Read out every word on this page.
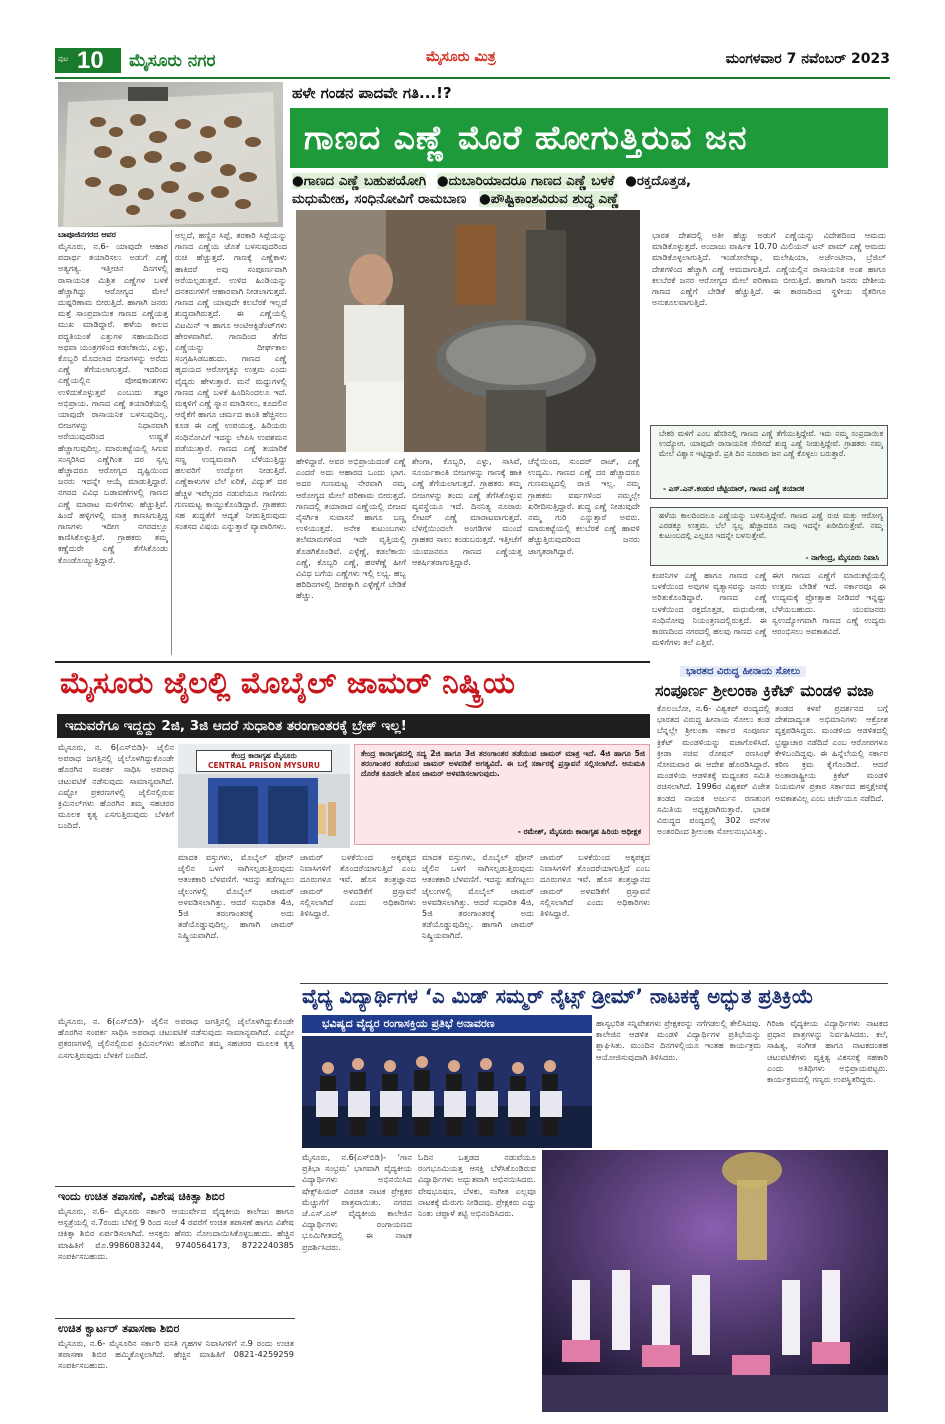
ಪುಟ 10 ಮೈಸೂರು ನಗರ	ಮೈಸೂರು ಮಿತ್ರ	ಮಂಗಳವಾರ 7 ನವೆಂಬರ್ 2023
ಹಳೇ ಗಂಡನ ಪಾದವೇ ಗತಿ...!?
ಗಾಣದ ಎಣ್ಣೆ ಮೊರೆ ಹೋಗುತ್ತಿರುವ ಜನ
●ಗಾಣದ ಎಣ್ಣೆ ಬಹುಪಯೋಗಿ ●ದುಬಾರಿಯಾದರೂ ಗಾಣದ ಎಣ್ಣೆ ಬಳಕೆ ●ರಕ್ತದೊತ್ತಡ,
ಮಧುಮೇಹ, ಸಂಧಿನೋವಿಗೆ ರಾಮಬಾಣ ●ಪೌಷ್ಟಿಕಾಂಶವಿರುವ ಶುದ್ಧ ಎಣ್ಣೆ
ಬಾಪೂಜಿನಗರದ ಆವರ
ಮೈಸೂರು, ನ.6- ಯಾವುದೇ ಆಹಾರ ಪದಾರ್ಥ ತಯಾರಿಸಲು ಅಡುಗೆ ಎಣ್ಣೆ ಅತ್ಯಗತ್ಯ. ಇತ್ತೀಚಿನ ದಿನಗಳಲ್ಲಿ ರಾಸಾಯನಿಕ ಮಿಶ್ರಿತ ಎಣ್ಣೆಗಳ ಬಳಕೆ ಹೆಚ್ಚಾಗಿದ್ದು ಆರೋಗ್ಯದ ಮೇಲೆ ದುಷ್ಪರಿಣಾಮ ಬೀರುತ್ತಿದೆ. ಹಾಗಾಗಿ ಜನರು ಮತ್ತೆ ಸಾಂಪ್ರದಾಯಿಕ ಗಾಣದ ಎಣ್ಣೆಯತ್ತ ಮುಖ ಮಾಡಿದ್ದಾರೆ. ಹಳೆಯ ಕಾಲದ ಪದ್ಧತಿಯಂತೆ ಎತ್ತುಗಳ ಸಹಾಯದಿಂದ ಅಥವಾ ಯಂತ್ರಗಳಿಂದ ಕಡಲೆಕಾಯಿ, ಎಳ್ಳು, ಕೊಬ್ಬರಿ ಮೊದಲಾದ ಬೀಜಗಳನ್ನು ಅರೆದು ಎಣ್ಣೆ ತೆಗೆಯಲಾಗುತ್ತದೆ. ಇದರಿಂದ ಎಣ್ಣೆಯಲ್ಲಿನ ಪೋಷಕಾಂಶಗಳು ಉಳಿದುಕೊಳ್ಳುತ್ತವೆ ಎಂಬುದು ತಜ್ಞರ ಅಭಿಪ್ರಾಯ. ಗಾಣದ ಎಣ್ಣೆ ತಯಾರಿಕೆಯಲ್ಲಿ ಯಾವುದೇ ರಾಸಾಯನಿಕ ಬಳಸುವುದಿಲ್ಲ. ಬೀಜಗಳನ್ನು ನಿಧಾನವಾಗಿ ಅರೆಯುವುದರಿಂದ ಉಷ್ಣತೆ ಹೆಚ್ಚಾಗುವುದಿಲ್ಲ. ಮಾರುಕಟ್ಟೆಯಲ್ಲಿ ಸಿಗುವ ಸಂಸ್ಕರಿಸಿದ ಎಣ್ಣೆಗಿಂತ ದರ ಸ್ವಲ್ಪ ಹೆಚ್ಚಾದರೂ ಆರೋಗ್ಯದ ದೃಷ್ಟಿಯಿಂದ ಜನರು ಇದನ್ನೇ ಆಯ್ಕೆ ಮಾಡುತ್ತಿದ್ದಾರೆ. ನಗರದ ವಿವಿಧ ಬಡಾವಣೆಗಳಲ್ಲಿ ಗಾಣದ ಎಣ್ಣೆ ಮಾರಾಟ ಮಳಿಗೆಗಳು ಹೆಚ್ಚುತ್ತಿವೆ. ಹಿಂದೆ ಹಳ್ಳಿಗಳಲ್ಲಿ ಮಾತ್ರ ಕಾಣಸಿಗುತ್ತಿದ್ದ ಗಾಣಗಳು ಇದೀಗ ನಗರದಲ್ಲೂ ಕಾಣಿಸಿಕೊಳ್ಳುತ್ತಿವೆ. ಗ್ರಾಹಕರು ತಮ್ಮ ಕಣ್ಣೆದುರೇ ಎಣ್ಣೆ ತೆಗೆಸಿಕೊಂಡು ಕೊಂಡೊಯ್ಯುತ್ತಿದ್ದಾರೆ.
ಅಲ್ಲದೆ, ಹಣ್ಣಿನ ಸಿಪ್ಪೆ, ತರಕಾರಿ ಸಿಪ್ಪೆಯನ್ನು ಗಾಣದ ಎಣ್ಣೆಯ ಜೊತೆ ಬಳಸುವುದರಿಂದ ರುಚಿ ಹೆಚ್ಚುತ್ತದೆ. ಗಾಣಕ್ಕೆ ಎಣ್ಣೆಕಾಳು ಹಾಕಿದರೆ ಅವು ಸಂಪೂರ್ಣವಾಗಿ ಅರೆಯಲ್ಪಡುತ್ತವೆ. ಉಳಿದ ಹಿಂಡಿಯನ್ನು ದನಕರುಗಳಿಗೆ ಆಹಾರವಾಗಿ ನೀಡಲಾಗುತ್ತದೆ. ಗಾಣದ ಎಣ್ಣೆ ಯಾವುದೇ ಕಲಬೆರಕೆ ಇಲ್ಲದೆ ಶುದ್ಧವಾಗಿರುತ್ತದೆ. ಈ ಎಣ್ಣೆಯಲ್ಲಿ ವಿಟಮಿನ್ ಇ ಹಾಗೂ ಆಂಟಿಆಕ್ಸಿಡೆಂಟ್‌ಗಳು ಹೇರಳವಾಗಿವೆ. ಗಾಣದಿಂದ ತೆಗೆದ ಎಣ್ಣೆಯನ್ನು ದೀರ್ಘಕಾಲ ಸಂಗ್ರಹಿಸಿಡಬಹುದು. ಗಾಣದ ಎಣ್ಣೆ ಹೃದಯದ ಆರೋಗ್ಯಕ್ಕೂ ಉತ್ತಮ ಎಂದು ವೈದ್ಯರು ಹೇಳುತ್ತಾರೆ. ಮನೆ ಮದ್ದುಗಳಲ್ಲಿ ಗಾಣದ ಎಣ್ಣೆ ಬಳಕೆ ಹಿಂದಿನಿಂದಲೂ ಇದೆ. ಮಕ್ಕಳಿಗೆ ಎಣ್ಣೆ ಸ್ನಾನ ಮಾಡಿಸಲು, ಕೂದಲಿನ ಆರೈಕೆಗೆ ಹಾಗೂ ಚರ್ಮದ ಕಾಂತಿ ಹೆಚ್ಚಿಸಲು ಕೂಡ ಈ ಎಣ್ಣೆ ಉಪಯುಕ್ತ. ಹಿರಿಯರು ಸಂಧಿನೋವಿಗೆ ಇದನ್ನು ಲೇಪಿಸಿ ಉಪಶಮನ ಪಡೆಯುತ್ತಾರೆ. ಗಾಣದ ಎಣ್ಣೆ ತಯಾರಿಕೆ ಸಣ್ಣ ಉದ್ಯಮವಾಗಿ ಬೆಳೆಯುತ್ತಿದ್ದು ಹಲವರಿಗೆ ಉದ್ಯೋಗ ನೀಡುತ್ತಿದೆ. ಎಣ್ಣೆಕಾಳುಗಳ ಬೆಲೆ ಏರಿಕೆ, ವಿದ್ಯುತ್ ದರ ಹೆಚ್ಚಳ ಇವೆಲ್ಲದರ ನಡುವೆಯೂ ಗಾಣಿಗರು ಗುಣಮಟ್ಟ ಕಾಯ್ದುಕೊಂಡಿದ್ದಾರೆ. ಗ್ರಾಹಕರು ಸಹ ಶುದ್ಧತೆಗೆ ಆದ್ಯತೆ ನೀಡುತ್ತಿರುವುದು ಸಂತಸದ ವಿಷಯ ಎನ್ನುತ್ತಾರೆ ವ್ಯಾಪಾರಿಗಳು.
ಹೇಳಿದ್ದಾರೆ. ಅವರ ಅಭಿಪ್ರಾಯದಂತೆ ಎಣ್ಣೆ ಎಂದರೆ ಅದು ಆಹಾರದ ಒಂದು ಭಾಗ. ಅದರ ಗುಣಮಟ್ಟ ನೇರವಾಗಿ ನಮ್ಮ ಆರೋಗ್ಯದ ಮೇಲೆ ಪರಿಣಾಮ ಬೀರುತ್ತದೆ. ಗಾಣದಲ್ಲಿ ತಯಾರಾದ ಎಣ್ಣೆಯಲ್ಲಿ ಬೀಜದ ನೈಸರ್ಗಿಕ ಸುವಾಸನೆ ಹಾಗೂ ಬಣ್ಣ ಉಳಿಯುತ್ತದೆ. ಅನೇಕ ಕುಟುಂಬಗಳು ತಲೆಮಾರುಗಳಿಂದ ಇದೇ ವೃತ್ತಿಯಲ್ಲಿ ತೊಡಗಿಕೊಂಡಿವೆ. ಎಳ್ಳೆಣ್ಣೆ, ಕಡಲೆಕಾಯಿ ಎಣ್ಣೆ, ಕೊಬ್ಬರಿ ಎಣ್ಣೆ, ಹರಳೆಣ್ಣೆ ಹೀಗೆ ವಿವಿಧ ಬಗೆಯ ಎಣ್ಣೆಗಳು ಇಲ್ಲಿ ಲಭ್ಯ. ಹಬ್ಬ ಹರಿದಿನಗಳಲ್ಲಿ ದೀಪಕ್ಕಾಗಿ ಎಳ್ಳೆಣ್ಣೆಗೆ ಬೇಡಿಕೆ ಹೆಚ್ಚು.
ಶೇಂಗಾ, ಕೊಬ್ಬರಿ, ಎಳ್ಳು, ಸಾಸಿವೆ, ಸೂರ್ಯಕಾಂತಿ ಬೀಜಗಳನ್ನು ಗಾಣಕ್ಕೆ ಹಾಕಿ ಎಣ್ಣೆ ತೆಗೆಯಲಾಗುತ್ತದೆ. ಗ್ರಾಹಕರು ತಮ್ಮ ಬೀಜಗಳನ್ನು ತಂದು ಎಣ್ಣೆ ತೆಗೆಸಿಕೊಳ್ಳುವ ವ್ಯವಸ್ಥೆಯೂ ಇದೆ. ದಿನನಿತ್ಯ ನೂರಾರು ಲೀಟರ್ ಎಣ್ಣೆ ಮಾರಾಟವಾಗುತ್ತದೆ. ಬೆಳಗ್ಗೆಯಿಂದಲೇ ಅಂಗಡಿಗಳ ಮುಂದೆ ಗ್ರಾಹಕರ ಸಾಲು ಕಂಡುಬರುತ್ತದೆ. ಇತ್ತೀಚೆಗೆ ಯುವಜನರೂ ಗಾಣದ ಎಣ್ಣೆಯತ್ತ ಆಕರ್ಷಿತರಾಗುತ್ತಿದ್ದಾರೆ.
ಚೆನ್ನೆಯಿಂದ, ಸುಂದರ್ ರಾಜ್, ಎಣ್ಣೆ ಉದ್ಯಮಿ. ಗಾಣದ ಎಣ್ಣೆ ದರ ಹೆಚ್ಚಾದರೂ ಗುಣಮಟ್ಟದಲ್ಲಿ ರಾಜಿ ಇಲ್ಲ. ನಮ್ಮ ಗ್ರಾಹಕರು ವರ್ಷಗಳಿಂದ ನಮ್ಮಲ್ಲೇ ಖರೀದಿಸುತ್ತಿದ್ದಾರೆ. ಶುದ್ಧ ಎಣ್ಣೆ ನೀಡುವುದೇ ನಮ್ಮ ಗುರಿ ಎನ್ನುತ್ತಾರೆ ಅವರು. ಮಾರುಕಟ್ಟೆಯಲ್ಲಿ ಕಲಬೆರಕೆ ಎಣ್ಣೆ ಹಾವಳಿ ಹೆಚ್ಚುತ್ತಿರುವುದರಿಂದ ಜನರು ಜಾಗೃತರಾಗಿದ್ದಾರೆ.
ಭಾರತ ದೇಶದಲ್ಲಿ ಅತೀ ಹೆಚ್ಚು ಅಡುಗೆ ಎಣ್ಣೆಯನ್ನು ವಿದೇಶದಿಂದ ಆಮದು ಮಾಡಿಕೊಳ್ಳುತ್ತದೆ. ಅಂದಾಜು ವಾರ್ಷಿಕ 10.70 ಮಿಲಿಯನ್ ಟನ್ ಪಾಮ್ ಎಣ್ಣೆ ಆಮದು ಮಾಡಿಕೊಳ್ಳಲಾಗುತ್ತಿದೆ. ಇಂಡೋನೇಷ್ಯಾ, ಮಲೇಷಿಯಾ, ಅರ್ಜೆಂಟೀನಾ, ಬ್ರೆಜಿಲ್ ದೇಶಗಳಿಂದ ಹೆಚ್ಚಾಗಿ ಎಣ್ಣೆ ಆಮದಾಗುತ್ತಿದೆ. ಎಣ್ಣೆಯಲ್ಲಿನ ರಾಸಾಯನಿಕ ಅಂಶ ಹಾಗೂ ಕಲಬೆರಕೆ ಜನರ ಆರೋಗ್ಯದ ಮೇಲೆ ಪರಿಣಾಮ ಬೀರುತ್ತಿದೆ. ಹಾಗಾಗಿ ಜನರು ದೇಶೀಯ ಗಾಣದ ಎಣ್ಣೆಗೆ ಬೇಡಿಕೆ ಹೆಚ್ಚುತ್ತಿದೆ. ಈ ಕಾರಣದಿಂದ ಸ್ಥಳೀಯ ರೈತರಿಗೂ ಅನುಕೂಲವಾಗುತ್ತಿದೆ.
ಬೇಕರಿ ಮಳಿಗೆ ಎಂಬ ಹೆಸರಿನಲ್ಲಿ ಗಾಣದ ಎಣ್ಣೆ ತೆಗೆಯುತ್ತಿದ್ದೇವೆ. ಇದು ನಮ್ಮ ಸಂಪ್ರದಾಯಿಕ ಉದ್ಯೋಗ. ಯಾವುದೇ ರಾಸಾಯನಿಕ ಸೇರಿಸದೆ ಶುದ್ಧ ಎಣ್ಣೆ ನೀಡುತ್ತಿದ್ದೇವೆ. ಗ್ರಾಹಕರು ನಮ್ಮ ಮೇಲೆ ವಿಶ್ವಾಸ ಇಟ್ಟಿದ್ದಾರೆ. ಪ್ರತಿ ದಿನ ನೂರಾರು ಜನ ಎಣ್ಣೆ ಕೊಳ್ಳಲು ಬರುತ್ತಾರೆ.
- ಎಸ್.ಎನ್.ಕಂಡುರ ಚೆಟ್ಟಿಯಾರ್, ಗಾಣದ ಎಣ್ಣೆ ತಯಾರಕ
ಹಳೆಯ ಕಾಲದಿಂದಲೂ ಎಣ್ಣೆಯನ್ನು ಬಳಸುತ್ತಿದ್ದೇವೆ. ಗಾಣದ ಎಣ್ಣೆ ರುಚಿ ಮತ್ತು ಆರೋಗ್ಯ ಎರಡಕ್ಕೂ ಉತ್ತಮ. ಬೆಲೆ ಸ್ವಲ್ಪ ಹೆಚ್ಚಾದರೂ ನಾವು ಇದನ್ನೇ ಖರೀದಿಸುತ್ತೇವೆ. ನಮ್ಮ ಕುಟುಂಬದಲ್ಲಿ ಎಲ್ಲರೂ ಇದನ್ನೇ ಬಳಸುತ್ತೇವೆ.
- ನಾಗೇಂದ್ರ, ಮೈಸೂರು ನಿವಾಸಿ
ಕಂಪನಿಗಳ ಎಣ್ಣೆ ಹಾಗೂ ಗಾಣದ ಎಣ್ಣೆ ಬಳಕೆಯಿಂದ ಅವುಗಳ ವ್ಯತ್ಯಾಸವನ್ನು ಜನರು ಅರಿತುಕೊಂಡಿದ್ದಾರೆ. ಗಾಣದ ಎಣ್ಣೆ ಬಳಕೆಯಿಂದ ರಕ್ತದೊತ್ತಡ, ಮಧುಮೇಹ, ಸಂಧಿನೋವು ನಿಯಂತ್ರಣದಲ್ಲಿರುತ್ತದೆ. ಈ ಕಾರಣದಿಂದ ನಗರದಲ್ಲಿ ಹಲವು ಗಾಣದ ಎಣ್ಣೆ ಮಳಿಗೆಗಳು ತಲೆ ಎತ್ತಿವೆ.
ಈಗ ಗಾಣದ ಎಣ್ಣೆಗೆ ಮಾರುಕಟ್ಟೆಯಲ್ಲಿ ಉತ್ತಮ ಬೇಡಿಕೆ ಇದೆ. ಸರ್ಕಾರವೂ ಈ ಉದ್ಯಮಕ್ಕೆ ಪ್ರೋತ್ಸಾಹ ನೀಡಿದರೆ ಇನ್ನಷ್ಟು ಬೆಳೆಯಬಹುದು. ಯುವಜನರು ಸ್ವಉದ್ಯೋಗವಾಗಿ ಗಾಣದ ಎಣ್ಣೆ ಉದ್ಯಮ ಆರಂಭಿಸಲು ಅವಕಾಶವಿದೆ.
ಮೈಸೂರು ಜೈಲಲ್ಲಿ ಮೊಬೈಲ್ ಜಾಮರ್ ನಿಷ್ಕ್ರಿಯ
ಇದುವರೆಗೂ ಇದ್ದದ್ದು 2ಜಿ, 3ಜಿ ಆದರೆ ಸುಧಾರಿತ ತರಂಗಾಂತರಕ್ಕೆ ಬ್ರೇಕ್ ಇಲ್ಲ!
ಮೈಸೂರು, ನ. 6(ಎಸ್‌ಬಿಡಿ)- ಜೈಲಿನ ಅಪರಾಧ ಜಗತ್ತಿನಲ್ಲಿ ಜೈಲೊಳಗಿದ್ದುಕೊಂಡೇ ಹೊರಗಿನ ಸಂಪರ್ಕ ಸಾಧಿಸಿ ಅಪರಾಧ ಚಟುವಟಿಕೆ ನಡೆಸುವುದು ಸಾಮಾನ್ಯವಾಗಿದೆ. ಎಷ್ಟೋ ಪ್ರಕರಣಗಳಲ್ಲಿ ಜೈಲಿನಲ್ಲಿರುವ ಕ್ರಿಮಿನಲ್‌ಗಳು ಹೊರಗಿನ ತಮ್ಮ ಸಹಚರರ ಮೂಲಕ ಕೃತ್ಯ ಎಸಗುತ್ತಿರುವುದು ಬೆಳಕಿಗೆ ಬಂದಿದೆ.
ಕೇಂದ್ರ ಕಾರಾಗೃಹ ಮೈಸೂರು
CENTRAL PRISON MYSURU
ಕೇಂದ್ರ ಕಾರಾಗೃಹದಲ್ಲಿ ಸದ್ಯ 2ಜಿ ಹಾಗೂ 3ಜಿ ತರಂಗಾಂತರ ತಡೆಯುವ ಜಾಮರ್ ಮಾತ್ರ ಇದೆ. 4ಜಿ ಹಾಗೂ 5ಜಿ ತರಂಗಾಂತರ ತಡೆಯುವ ಜಾಮರ್ ಅಳವಡಿಕೆ ಅಗತ್ಯವಿದೆ. ಈ ಬಗ್ಗೆ ಸರ್ಕಾರಕ್ಕೆ ಪ್ರಸ್ತಾವನೆ ಸಲ್ಲಿಸಲಾಗಿದೆ. ಅನುಮತಿ ದೊರೆತ ಕೂಡಲೇ ಹೊಸ ಜಾಮರ್ ಅಳವಡಿಸಲಾಗುವುದು.
- ರಮೇಶ್, ಮೈಸೂರು ಕಾರಾಗೃಹ ಹಿರಿಯ ಅಧೀಕ್ಷಕ
ಮಾದಕ ವಸ್ತುಗಳು, ಮೊಬೈಲ್ ಫೋನ್ ಜೈಲಿನ ಒಳಗೆ ಸಾಗಿಸಲ್ಪಡುತ್ತಿರುವುದು ಆತಂಕಕಾರಿ ಬೆಳವಣಿಗೆ. ಇದನ್ನು ತಡೆಗಟ್ಟಲು ಜೈಲುಗಳಲ್ಲಿ ಮೊಬೈಲ್ ಜಾಮರ್ ಅಳವಡಿಸಲಾಗಿತ್ತು. ಆದರೆ ಸುಧಾರಿತ 4ಜಿ, 5ಜಿ ತರಂಗಾಂತರಕ್ಕೆ ಅದು ತಡೆಯೊಡ್ಡುವುದಿಲ್ಲ. ಹಾಗಾಗಿ ಜಾಮರ್ ನಿಷ್ಕ್ರಿಯವಾಗಿದೆ.
ಜಾಮರ್ ಬಳಕೆಯಿಂದ ಅಕ್ಕಪಕ್ಕದ ನಿವಾಸಿಗಳಿಗೆ ತೊಂದರೆಯಾಗುತ್ತಿದೆ ಎಂಬ ದೂರುಗಳೂ ಇವೆ. ಹೊಸ ತಂತ್ರಜ್ಞಾನದ ಜಾಮರ್ ಅಳವಡಿಕೆಗೆ ಪ್ರಸ್ತಾವನೆ ಸಲ್ಲಿಸಲಾಗಿದೆ ಎಂದು ಅಧಿಕಾರಿಗಳು ತಿಳಿಸಿದ್ದಾರೆ.
ಮಾದಕ ವಸ್ತುಗಳು, ಮೊಬೈಲ್ ಫೋನ್ ಜೈಲಿನ ಒಳಗೆ ಸಾಗಿಸಲ್ಪಡುತ್ತಿರುವುದು ಆತಂಕಕಾರಿ ಬೆಳವಣಿಗೆ. ಇದನ್ನು ತಡೆಗಟ್ಟಲು ಜೈಲುಗಳಲ್ಲಿ ಮೊಬೈಲ್ ಜಾಮರ್ ಅಳವಡಿಸಲಾಗಿತ್ತು. ಆದರೆ ಸುಧಾರಿತ 4ಜಿ, 5ಜಿ ತರಂಗಾಂತರಕ್ಕೆ ಅದು ತಡೆಯೊಡ್ಡುವುದಿಲ್ಲ. ಹಾಗಾಗಿ ಜಾಮರ್ ನಿಷ್ಕ್ರಿಯವಾಗಿದೆ.
ಜಾಮರ್ ಬಳಕೆಯಿಂದ ಅಕ್ಕಪಕ್ಕದ ನಿವಾಸಿಗಳಿಗೆ ತೊಂದರೆಯಾಗುತ್ತಿದೆ ಎಂಬ ದೂರುಗಳೂ ಇವೆ. ಹೊಸ ತಂತ್ರಜ್ಞಾನದ ಜಾಮರ್ ಅಳವಡಿಕೆಗೆ ಪ್ರಸ್ತಾವನೆ ಸಲ್ಲಿಸಲಾಗಿದೆ ಎಂದು ಅಧಿಕಾರಿಗಳು ತಿಳಿಸಿದ್ದಾರೆ.
ಭಾರತದ ವಿರುದ್ಧ ಹೀನಾಯ ಸೋಲು
ಸಂಪೂರ್ಣ ಶ್ರೀಲಂಕಾ ಕ್ರಿಕೆಟ್ ಮಂಡಳಿ ವಜಾ
ಕೊಲಂಬೋ, ನ.6- ವಿಶ್ವಕಪ್ ಪಂದ್ಯದಲ್ಲಿ ಭಾರತದ ವಿರುದ್ಧ ಹೀನಾಯ ಸೋಲು ಕಂಡ ಬೆನ್ನಲ್ಲೇ ಶ್ರೀಲಂಕಾ ಸರ್ಕಾರ ಸಂಪೂರ್ಣ ಕ್ರಿಕೆಟ್ ಮಂಡಳಿಯನ್ನು ವಜಾಗೊಳಿಸಿದೆ. ಕ್ರೀಡಾ ಸಚಿವ ರೋಷನ್ ರಣಸಿಂಘೆ ಸೋಮವಾರ ಈ ಆದೇಶ ಹೊರಡಿಸಿದ್ದಾರೆ. ಮಂಡಳಿಯ ಆಡಳಿತಕ್ಕೆ ಮಧ್ಯಂತರ ಸಮಿತಿ ರಚಿಸಲಾಗಿದೆ. 1996ರ ವಿಶ್ವಕಪ್ ವಿಜೇತ ತಂಡದ ನಾಯಕ ಅರ್ಜುನ ರಣತುಂಗ ಸಮಿತಿಯ ಅಧ್ಯಕ್ಷರಾಗಿರುತ್ತಾರೆ. ಭಾರತ ವಿರುದ್ಧದ ಪಂದ್ಯದಲ್ಲಿ 302 ರನ್‌ಗಳ ಅಂತರದಿಂದ ಶ್ರೀಲಂಕಾ ಸೋಲನುಭವಿಸಿತ್ತು.
ತಂಡದ ಕಳಪೆ ಪ್ರದರ್ಶನದ ಬಗ್ಗೆ ದೇಶದಾದ್ಯಂತ ಅಭಿಮಾನಿಗಳು ಆಕ್ರೋಶ ವ್ಯಕ್ತಪಡಿಸಿದ್ದರು. ಮಂಡಳಿಯ ಆಡಳಿತದಲ್ಲಿ ಭ್ರಷ್ಟಾಚಾರ ನಡೆದಿದೆ ಎಂಬ ಆರೋಪಗಳೂ ಕೇಳಿಬಂದಿದ್ದವು. ಈ ಹಿನ್ನೆಲೆಯಲ್ಲಿ ಸರ್ಕಾರ ಕಠಿಣ ಕ್ರಮ ಕೈಗೊಂಡಿದೆ. ಆದರೆ ಅಂತಾರಾಷ್ಟ್ರೀಯ ಕ್ರಿಕೆಟ್ ಮಂಡಳಿ ನಿಯಮಗಳ ಪ್ರಕಾರ ಸರ್ಕಾರದ ಹಸ್ತಕ್ಷೇಪಕ್ಕೆ ಅವಕಾಶವಿಲ್ಲ ಎಂಬ ಚರ್ಚೆಯೂ ನಡೆದಿದೆ.
ವೈದ್ಯ ವಿದ್ಯಾರ್ಥಿಗಳ ‘ಎ ಮಿಡ್ ಸಮ್ಮರ್ ನೈಟ್ಸ್ ಡ್ರೀಮ್’ ನಾಟಕಕ್ಕೆ ಅದ್ಭುತ ಪ್ರತಿಕ್ರಿಯೆ
ಭವಿಷ್ಯದ ವೈದ್ಯರ ರಂಗಾಸಕ್ತಿಯ ಪ್ರತಿಭೆ ಅನಾವರಣ
ಮೈಸೂರು, ನ.6(ಎಸ್‌ಬಿಡಿ)- ‘ಗಾನ ಪ್ರತಿಭಾ ಸಂಭ್ರಮ’ ಭಾಗವಾಗಿ ವೈದ್ಯಕೀಯ ವಿದ್ಯಾರ್ಥಿಗಳು ಅಭಿನಯಿಸಿದ ಷೇಕ್ಸ್‌ಪಿಯರ್ ವಿರಚಿತ ನಾಟಕ ಪ್ರೇಕ್ಷಕರ ಮೆಚ್ಚುಗೆಗೆ ಪಾತ್ರವಾಯಿತು. ನಗರದ ಜೆ.ಎಸ್.ಎಸ್ ವೈದ್ಯಕೀಯ ಕಾಲೇಜಿನ ವಿದ್ಯಾರ್ಥಿಗಳು ರಂಗಾಯಣದ ಭೂಮಿಗೀತದಲ್ಲಿ ಈ ನಾಟಕ ಪ್ರದರ್ಶಿಸಿದರು.
ಓದಿನ ಒತ್ತಡದ ನಡುವೆಯೂ ರಂಗಭೂಮಿಯತ್ತ ಆಸಕ್ತಿ ಬೆಳೆಸಿಕೊಂಡಿರುವ ವಿದ್ಯಾರ್ಥಿಗಳು ಅದ್ಭುತವಾಗಿ ಅಭಿನಯಿಸಿದರು. ವೇಷಭೂಷಣ, ಬೆಳಕು, ಸಂಗೀತ ಎಲ್ಲವೂ ನಾಟಕಕ್ಕೆ ಮೆರುಗು ನೀಡಿದವು. ಪ್ರೇಕ್ಷಕರು ಎದ್ದು ನಿಂತು ಚಪ್ಪಾಳೆ ತಟ್ಟಿ ಅಭಿನಂದಿಸಿದರು.
ಹಾಸ್ಯಭರಿತ ಸನ್ನಿವೇಶಗಳು ಪ್ರೇಕ್ಷಕರನ್ನು ನಗೆಗಡಲಲ್ಲಿ ತೇಲಿಸಿದವು. ಕಾಲೇಜಿನ ಆಡಳಿತ ಮಂಡಳಿ ವಿದ್ಯಾರ್ಥಿಗಳ ಪ್ರತಿಭೆಯನ್ನು ಶ್ಲಾಘಿಸಿತು. ಮುಂದಿನ ದಿನಗಳಲ್ಲಿಯೂ ಇಂತಹ ಕಾರ್ಯಕ್ರಮ ಆಯೋಜಿಸುವುದಾಗಿ ತಿಳಿಸಿದರು.
ಗಿರಿಜಾ ವೈದ್ಯಕೀಯ ವಿದ್ಯಾರ್ಥಿಗಳು ನಾಟಕದ ಪ್ರಧಾನ ಪಾತ್ರಗಳನ್ನು ನಿರ್ವಹಿಸಿದರು. ಕಲೆ, ಸಾಹಿತ್ಯ, ಸಂಗೀತ ಹಾಗೂ ನಾಟಕದಂತಹ ಚಟುವಟಿಕೆಗಳು ವ್ಯಕ್ತಿತ್ವ ವಿಕಸನಕ್ಕೆ ಸಹಕಾರಿ ಎಂದು ಅತಿಥಿಗಳು ಅಭಿಪ್ರಾಯಪಟ್ಟರು. ಕಾರ್ಯಕ್ರಮದಲ್ಲಿ ಗಣ್ಯರು ಉಪಸ್ಥಿತರಿದ್ದರು.
ಇಂದು ಉಚಿತ ತಪಾಸಣೆ, ವಿಶೇಷ ಚಿಕಿತ್ಸಾ ಶಿಬಿರ
ಮೈಸೂರು, ನ.6- ಮೈಸೂರು ಸರ್ಕಾರಿ ಆಯುರ್ವೇದ ವೈದ್ಯಕೀಯ ಕಾಲೇಜು ಹಾಗೂ ಆಸ್ಪತ್ರೆಯಲ್ಲಿ ನ.7ರಂದು ಬೆಳಿಗ್ಗೆ 9 ರಿಂದ ಸಂಜೆ 4 ರವರೆಗೆ ಉಚಿತ ತಪಾಸಣೆ ಹಾಗೂ ವಿಶೇಷ ಚಿಕಿತ್ಸಾ ಶಿಬಿರ ಏರ್ಪಡಿಸಲಾಗಿದೆ. ಆಸಕ್ತರು ಹೆಸರು ನೋಂದಾಯಿಸಿಕೊಳ್ಳಬಹುದು. ಹೆಚ್ಚಿನ ಮಾಹಿತಿಗೆ ಮೊ.9986083244, 9740564173, 8722240385 ಸಂಪರ್ಕಿಸಬಹುದು.
ಉಚಿತ ಕ್ವಾರ್ಟರ್ ತಪಾಸಣಾ ಶಿಬಿರ
ಮೈಸೂರು, ನ.6- ಮೈಸೂರಿನ ಸರ್ಕಾರಿ ವಸತಿ ಗೃಹಗಳ ನಿವಾಸಿಗಳಿಗೆ ನ.9 ರಂದು ಉಚಿತ ತಪಾಸಣಾ ಶಿಬಿರ ಹಮ್ಮಿಕೊಳ್ಳಲಾಗಿದೆ. ಹೆಚ್ಚಿನ ಮಾಹಿತಿಗೆ 0821-4259259 ಸಂಪರ್ಕಿಸಬಹುದು.
ಮೈಸೂರು, ನ. 6(ಎಸ್‌ಬಿಡಿ)- ಜೈಲಿನ ಅಪರಾಧ ಜಗತ್ತಿನಲ್ಲಿ ಜೈಲೊಳಗಿದ್ದುಕೊಂಡೇ ಹೊರಗಿನ ಸಂಪರ್ಕ ಸಾಧಿಸಿ ಅಪರಾಧ ಚಟುವಟಿಕೆ ನಡೆಸುವುದು ಸಾಮಾನ್ಯವಾಗಿದೆ. ಎಷ್ಟೋ ಪ್ರಕರಣಗಳಲ್ಲಿ ಜೈಲಿನಲ್ಲಿರುವ ಕ್ರಿಮಿನಲ್‌ಗಳು ಹೊರಗಿನ ತಮ್ಮ ಸಹಚರರ ಮೂಲಕ ಕೃತ್ಯ ಎಸಗುತ್ತಿರುವುದು ಬೆಳಕಿಗೆ ಬಂದಿದೆ.
